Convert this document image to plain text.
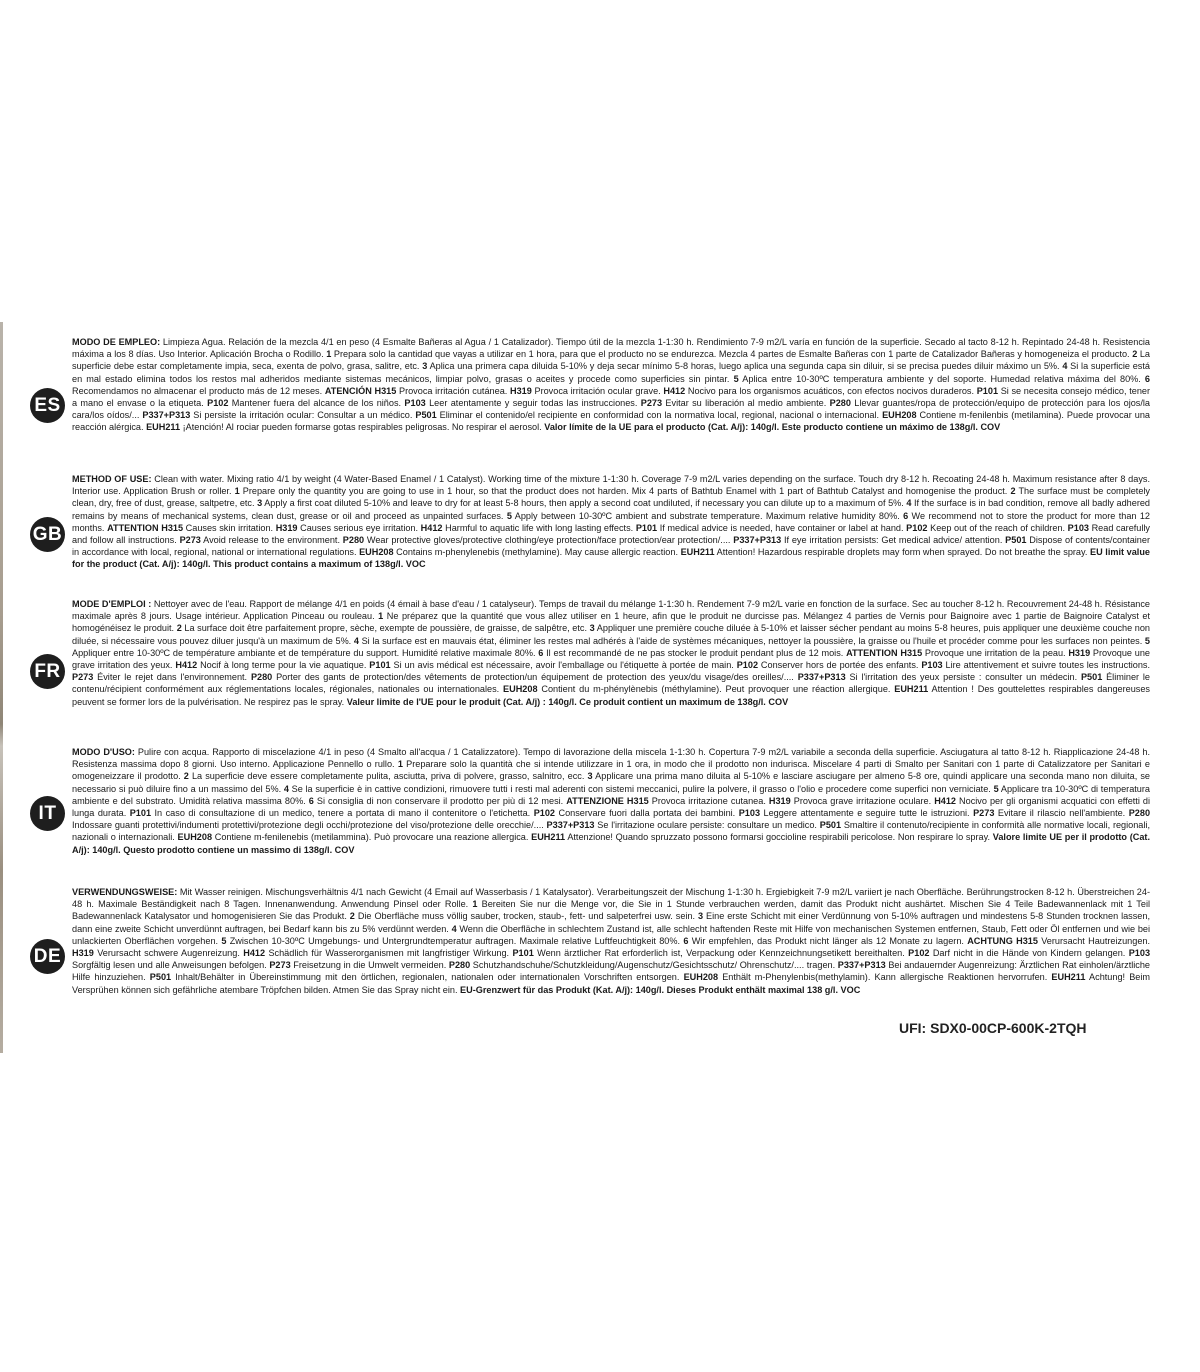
ES
MODO DE EMPLEO: Limpieza Agua. Relación de la mezcla 4/1 en peso (4 Esmalte Bañeras al Agua / 1 Catalizador). Tiempo útil de la mezcla 1-1:30 h. Rendimiento 7-9 m2/L varía en función de la superficie. Secado al tacto 8-12 h. Repintado 24-48 h. Resistencia máxima a los 8 días. Uso Interior. Aplicación Brocha o Rodillo. 1 Prepara solo la cantidad que vayas a utilizar en 1 hora, para que el producto no se endurezca. Mezcla 4 partes de Esmalte Bañeras con 1 parte de Catalizador Bañeras y homogeneiza el producto. 2 La superficie debe estar completamente impia, seca, exenta de polvo, grasa, salitre, etc. 3 Aplica una primera capa diluida 5-10% y deja secar mínimo 5-8 horas, luego aplica una segunda capa sin diluir, si se precisa puedes diluir máximo un 5%. 4 Si la superficie está en mal estado elimina todos los restos mal adheridos mediante sistemas mecánicos, limpiar polvo, grasas o aceites y procede como superficies sin pintar. 5 Aplica entre 10-30ºC temperatura ambiente y del soporte. Humedad relativa máxima del 80%. 6 Recomendamos no almacenar el producto más de 12 meses. ATENCIÓN H315 Provoca irritación cutánea. H319 Provoca irritación ocular grave. H412 Nocivo para los organismos acuáticos, con efectos nocivos duraderos. P101 Si se necesita consejo médico, tener a mano el envase o la etiqueta. P102 Mantener fuera del alcance de los niños. P103 Leer atentamente y seguir todas las instrucciones. P273 Evitar su liberación al medio ambiente. P280 Llevar guantes/ropa de protección/equipo de protección para los ojos/la cara/los oídos/... P337+P313 Si persiste la irritación ocular: Consultar a un médico. P501 Eliminar el contenido/el recipiente en conformidad con la normativa local, regional, nacional o internacional. EUH208 Contiene m-fenilenbis (metilamina). Puede provocar una reacción alérgica. EUH211 ¡Atención! Al rociar pueden formarse gotas respirables peligrosas. No respirar el aerosol. Valor límite de la UE para el producto (Cat. A/j): 140g/l. Este producto contiene un máximo de 138g/l. COV
GB
METHOD OF USE: Clean with water. Mixing ratio 4/1 by weight (4 Water-Based Enamel / 1 Catalyst). Working time of the mixture 1-1:30 h. Coverage 7-9 m2/L varies depending on the surface. Touch dry 8-12 h. Recoating 24-48 h. Maximum resistance after 8 days. Interior use. Application Brush or roller. 1 Prepare only the quantity you are going to use in 1 hour, so that the product does not harden. Mix 4 parts of Bathtub Enamel with 1 part of Bathtub Catalyst and homogenise the product. 2 The surface must be completely clean, dry, free of dust, grease, saltpetre, etc. 3 Apply a first coat diluted 5-10% and leave to dry for at least 5-8 hours, then apply a second coat undiluted, if necessary you can dilute up to a maximum of 5%. 4 If the surface is in bad condition, remove all badly adhered remains by means of mechanical systems, clean dust, grease or oil and proceed as unpainted surfaces. 5 Apply between 10-30ºC ambient and substrate temperature. Maximum relative humidity 80%. 6 We recommend not to store the product for more than 12 months. ATTENTION H315 Causes skin irritation. H319 Causes serious eye irritation. H412 Harmful to aquatic life with long lasting effects. P101 If medical advice is needed, have container or label at hand. P102 Keep out of the reach of children. P103 Read carefully and follow all instructions. P273 Avoid release to the environment. P280 Wear protective gloves/protective clothing/eye protection/face protection/ear protection/.... P337+P313 If eye irritation persists: Get medical advice/ attention. P501 Dispose of contents/container in accordance with local, regional, national or international regulations. EUH208 Contains m-phenylenebis (methylamine). May cause allergic reaction. EUH211 Attention! Hazardous respirable droplets may form when sprayed. Do not breathe the spray. EU limit value for the product (Cat. A/j): 140g/l. This product contains a maximum of 138g/l. VOC
FR
MODE D'EMPLOI : Nettoyer avec de l'eau. Rapport de mélange 4/1 en poids (4 émail à base d'eau / 1 catalyseur). Temps de travail du mélange 1-1:30 h. Rendement 7-9 m2/L varie en fonction de la surface. Sec au toucher 8-12 h. Recouvrement 24-48 h. Résistance maximale après 8 jours. Usage intérieur. Application Pinceau ou rouleau. 1 Ne préparez que la quantité que vous allez utiliser en 1 heure, afin que le produit ne durcisse pas. Mélangez 4 parties de Vernis pour Baignoire avec 1 partie de Baignoire Catalyst et homogénéisez le produit. 2 La surface doit être parfaitement propre, sèche, exempte de poussière, de graisse, de salpêtre, etc. 3 Appliquer une première couche diluée à 5-10% et laisser sécher pendant au moins 5-8 heures, puis appliquer une deuxième couche non diluée, si nécessaire vous pouvez diluer jusqu'à un maximum de 5%. 4 Si la surface est en mauvais état, éliminer les restes mal adhérés à l'aide de systèmes mécaniques, nettoyer la poussière, la graisse ou l'huile et procéder comme pour les surfaces non peintes. 5 Appliquer entre 10-30ºC de température ambiante et de température du support. Humidité relative maximale 80%. 6 Il est recommandé de ne pas stocker le produit pendant plus de 12 mois. ATTENTION H315 Provoque une irritation de la peau. H319 Provoque une grave irritation des yeux. H412 Nocif à long terme pour la vie aquatique. P101 Si un avis médical est nécessaire, avoir l'emballage ou l'étiquette à portée de main. P102 Conserver hors de portée des enfants. P103 Lire attentivement et suivre toutes les instructions. P273 Éviter le rejet dans l'environnement. P280 Porter des gants de protection/des vêtements de protection/un équipement de protection des yeux/du visage/des oreilles/.... P337+P313 Si l'irritation des yeux persiste : consulter un médecin. P501 Éliminer le contenu/récipient conformément aux réglementations locales, régionales, nationales ou internationales. EUH208 Contient du m-phénylènebis (méthylamine). Peut provoquer une réaction allergique. EUH211 Attention ! Des gouttelettes respirables dangereuses peuvent se former lors de la pulvérisation. Ne respirez pas le spray. Valeur limite de l'UE pour le produit (Cat. A/j) : 140g/l. Ce produit contient un maximum de 138g/l. COV
IT
MODO D'USO: Pulire con acqua. Rapporto di miscelazione 4/1 in peso (4 Smalto all'acqua / 1 Catalizzatore). Tempo di lavorazione della miscela 1-1:30 h. Copertura 7-9 m2/L variabile a seconda della superficie. Asciugatura al tatto 8-12 h. Riapplicazione 24-48 h. Resistenza massima dopo 8 giorni. Uso interno. Applicazione Pennello o rullo. 1 Preparare solo la quantità che si intende utilizzare in 1 ora, in modo che il prodotto non indurisca. Miscelare 4 parti di Smalto per Sanitari con 1 parte di Catalizzatore per Sanitari e omogeneizzare il prodotto. 2 La superficie deve essere completamente pulita, asciutta, priva di polvere, grasso, salnitro, ecc. 3 Applicare una prima mano diluita al 5-10% e lasciare asciugare per almeno 5-8 ore, quindi applicare una seconda mano non diluita, se necessario si può diluire fino a un massimo del 5%. 4 Se la superficie è in cattive condizioni, rimuovere tutti i resti mal aderenti con sistemi meccanici, pulire la polvere, il grasso o l'olio e procedere come superfici non verniciate. 5 Applicare tra 10-30ºC di temperatura ambiente e del substrato. Umidità relativa massima 80%. 6 Si consiglia di non conservare il prodotto per più di 12 mesi. ATTENZIONE H315 Provoca irritazione cutanea. H319 Provoca grave irritazione oculare. H412 Nocivo per gli organismi acquatici con effetti di lunga durata. P101 In caso di consultazione di un medico, tenere a portata di mano il contenitore o l'etichetta. P102 Conservare fuori dalla portata dei bambini. P103 Leggere attentamente e seguire tutte le istruzioni. P273 Evitare il rilascio nell'ambiente. P280 Indossare guanti protettivi/indumenti protettivi/protezione degli occhi/protezione del viso/protezione delle orecchie/.... P337+P313 Se l'irritazione oculare persiste: consultare un medico. P501 Smaltire il contenuto/recipiente in conformità alle normative locali, regionali, nazionali o internazionali. EUH208 Contiene m-fenilenebis (metilammina). Può provocare una reazione allergica. EUH211 Attenzione! Quando spruzzato possono formarsi goccioline respirabili pericolose. Non respirare lo spray. Valore limite UE per il prodotto (Cat. A/j): 140g/l. Questo prodotto contiene un massimo di 138g/l. COV
DE
VERWENDUNGSWEISE: Mit Wasser reinigen. Mischungsverhältnis 4/1 nach Gewicht (4 Email auf Wasserbasis / 1 Katalysator). Verarbeitungszeit der Mischung 1-1:30 h. Ergiebigkeit 7-9 m2/L variiert je nach Oberfläche. Berührungstrocken 8-12 h. Überstreichen 24-48 h. Maximale Beständigkeit nach 8 Tagen. Innenanwendung. Anwendung Pinsel oder Rolle. 1 Bereiten Sie nur die Menge vor, die Sie in 1 Stunde verbrauchen werden, damit das Produkt nicht aushärtet. Mischen Sie 4 Teile Badewannenlack mit 1 Teil Badewannenlack Katalysator und homogenisieren Sie das Produkt. 2 Die Oberfläche muss völlig sauber, trocken, staub-, fett- und salpeterfrei usw. sein. 3 Eine erste Schicht mit einer Verdünnung von 5-10% auftragen und mindestens 5-8 Stunden trocknen lassen, dann eine zweite Schicht unverdünnt auftragen, bei Bedarf kann bis zu 5% verdünnt werden. 4 Wenn die Oberfläche in schlechtem Zustand ist, alle schlecht haftenden Reste mit Hilfe von mechanischen Systemen entfernen, Staub, Fett oder Öl entfernen und wie bei unlackierten Oberflächen vorgehen. 5 Zwischen 10-30ºC Umgebungs- und Untergrundtemperatur auftragen. Maximale relative Luftfeuchtigkeit 80%. 6 Wir empfehlen, das Produkt nicht länger als 12 Monate zu lagern. ACHTUNG H315 Verursacht Hautreizungen. H319 Verursacht schwere Augenreizung. H412 Schädlich für Wasserorganismen mit langfristiger Wirkung. P101 Wenn ärztlicher Rat erforderlich ist, Verpackung oder Kennzeichnungsetikett bereithalten. P102 Darf nicht in die Hände von Kindern gelangen. P103 Sorgfältig lesen und alle Anweisungen befolgen. P273 Freisetzung in die Umwelt vermeiden. P280 Schutzhandschuhe/Schutzkleidung/Augenschutz/Gesichtsschutz/ Ohrenschutz/.... tragen. P337+P313 Bei andauernder Augenreizung: Ärztlichen Rat einholen/ärztliche Hilfe hinzuziehen. P501 Inhalt/Behälter in Übereinstimmung mit den örtlichen, regionalen, nationalen oder internationalen Vorschriften entsorgen. EUH208 Enthält m-Phenylenbis(methylamin). Kann allergische Reaktionen hervorrufen. EUH211 Achtung! Beim Versprühen können sich gefährliche atembare Tröpfchen bilden. Atmen Sie das Spray nicht ein. EU-Grenzwert für das Produkt (Kat. A/j): 140g/l. Dieses Produkt enthält maximal 138 g/l. VOC
UFI: SDX0-00CP-600K-2TQH
